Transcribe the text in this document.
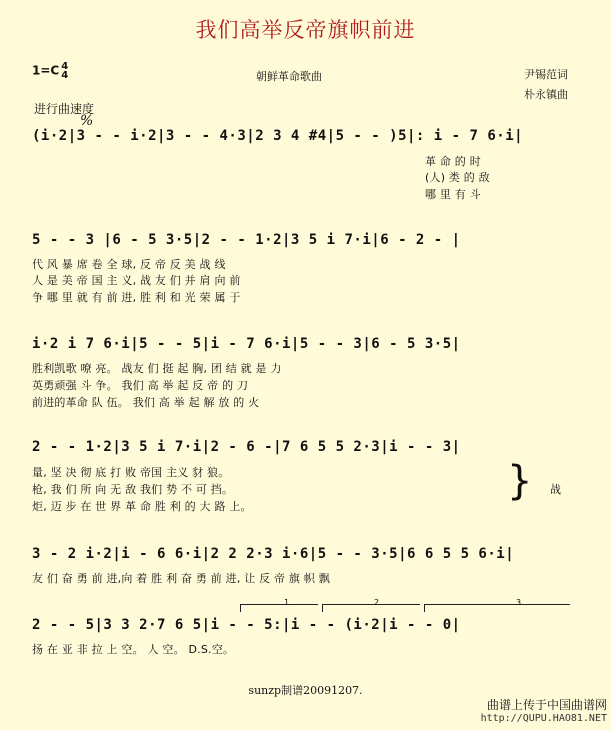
我们高举反帝旗帜前进
1=C 4
4	朝鲜革命歌曲	尹锡范词
朴永镇曲
进行曲速度
%
(i·2|3 - - i·2|3 - - 4·3|2 3 4 #4|5 - - )5|: i - 7 6·i|
革 命 的 时
(人) 类 的 敌
哪 里 有 斗
5 - - 3 |6 - 5 3·5|2 - - 1·2|3 5 i 7·i|6 - 2 - |
代 风 暴 席 卷 全 球, 反 帝 反 美 战 线
人 是 美 帝 国 主 义, 战 友 们 并 肩 向 前
争 哪 里 就 有 前 进, 胜 利 和 光 荣 属 于
i·2 i 7 6·i|5 - - 5|i - 7 6·i|5 - - 3|6 - 5 3·5|
胜利凯歌 嘹 亮。 战友 们 挺 起 胸, 团 结 就 是 力
英勇顽强 斗 争。 我们 高 举 起 反 帝 的 刀
前进的革命 队 伍。 我们 高 举 起 解 放 的 火
2 - - 1·2|3 5 i 7·i|2 - 6 -|7 6 5 5 2·3|i - - 3|
量, 坚 决 彻 底 打 败 帝国 主义 豺 狼。
枪, 我 们 所 向 无 敌 我们 势 不 可 挡。
炬, 迈 步 在 世 界 革 命 胜 利 的 大 路 上。
} 战
3 - 2 i·2|i - 6 6·i|2 2 2·3 i·6|5 - - 3·5|6 6 5 5 6·i|
友 们 奋 勇 前 进,向 着 胜 利 奋 勇 前 进, 让 反 帝 旗 帜 飘
1	2	3
2 - - 5|3 3 2·7 6 5|i - - 5:|i - - (i·2|i - - 0|
扬 在 亚 非 拉 上 空。 人 空。 D.S.空。
sunzp制谱20091207.
曲谱上传于中国曲谱网
http://QUPU.HAO81.NET
